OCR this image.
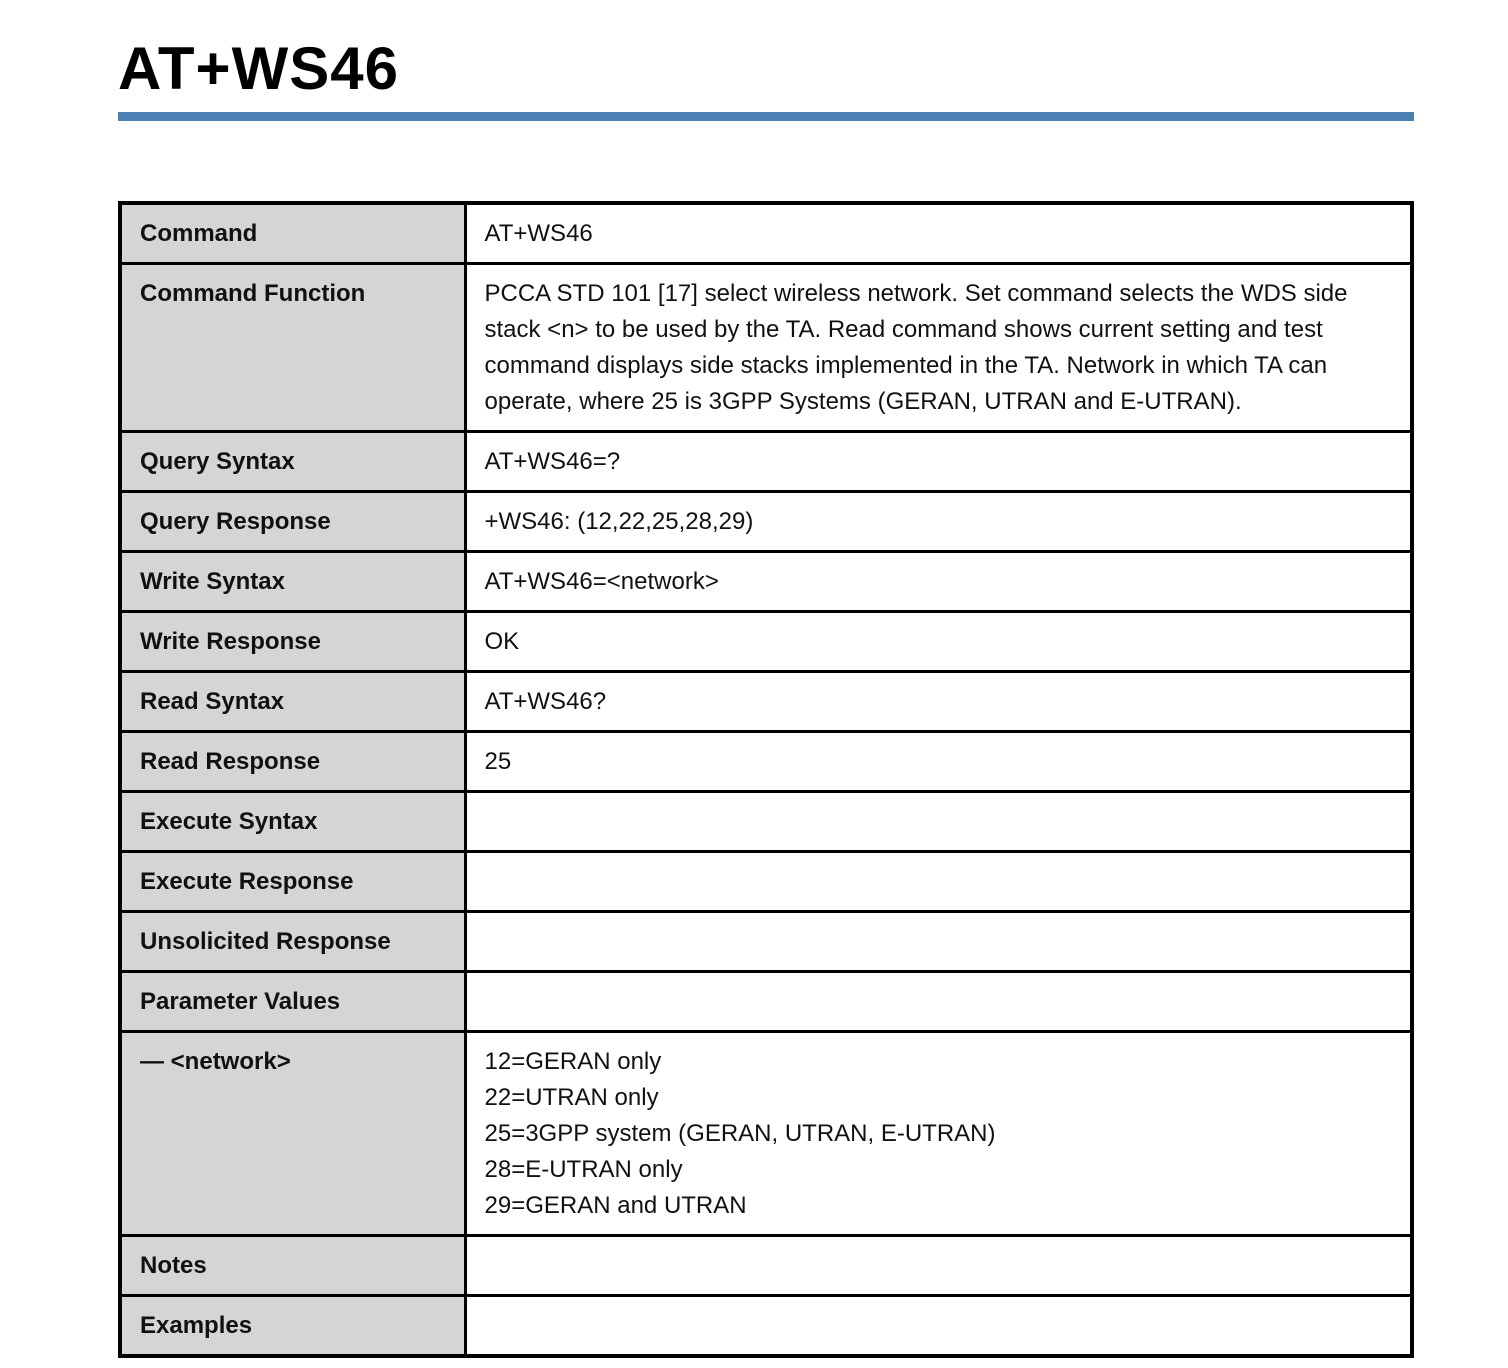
AT+WS46
Command	AT+WS46

Command Function	PCCA STD 101 [17] select wireless network. Set command selects the WDS side stack <n> to be used by the TA. Read command shows current setting and test command displays side stacks implemented in the TA. Network in which TA can operate, where 25 is 3GPP Systems (GERAN, UTRAN and E-UTRAN).

Query Syntax	AT+WS46=?

Query Response	+WS46: (12,22,25,28,29)

Write Syntax	AT+WS46=<network>

Write Response	OK

Read Syntax	AT+WS46?

Read Response	25

Execute Syntax	
Execute Response	
Unsolicited Response	
Parameter Values	
— <network>	12=GERAN only
22=UTRAN only
25=3GPP system (GERAN, UTRAN, E-UTRAN)
28=E-UTRAN only
29=GERAN and UTRAN

Notes	
Examples	
